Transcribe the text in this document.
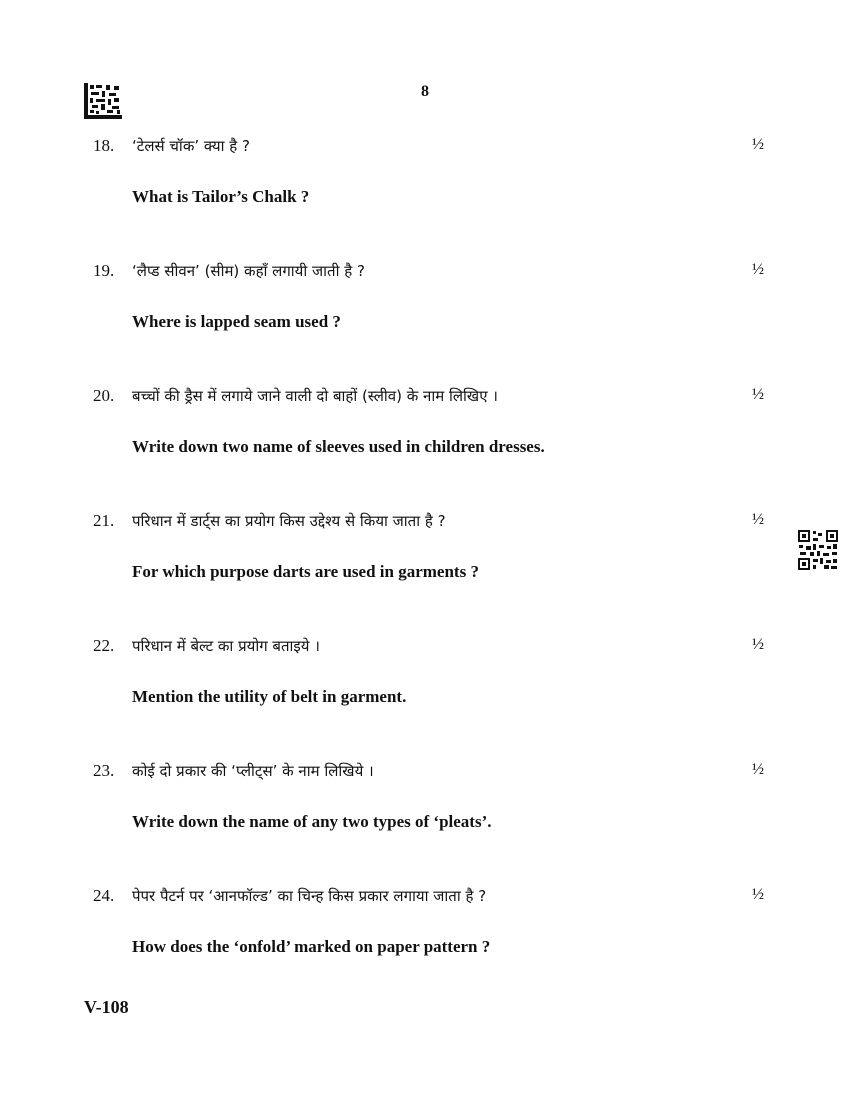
8
18. ‘टेलर्स चॉक’ क्या है ?	½
What is Tailor’s Chalk ?
19. ‘लैप्ड सीवन’ (सीम) कहाँ लगायी जाती है ?	½
Where is lapped seam used ?
20. बच्चों की ड्रैस में लगाये जाने वाली दो बाहों (स्लीव) के नाम लिखिए ।	½
Write down two name of sleeves used in children dresses.
21. परिधान में डार्ट्स का प्रयोग किस उद्देश्य से किया जाता है ?	½
For which purpose darts are used in garments ?
22. परिधान में बेल्ट का प्रयोग बताइये ।	½
Mention the utility of belt in garment.
23. कोई दो प्रकार की ‘प्लीट्स’ के नाम लिखिये ।	½
Write down the name of any two types of ‘pleats’.
24. पेपर पैटर्न पर ‘आनफॉल्ड’ का चिन्ह किस प्रकार लगाया जाता है ?	½
How does the ‘onfold’ marked on paper pattern ?
V-108
